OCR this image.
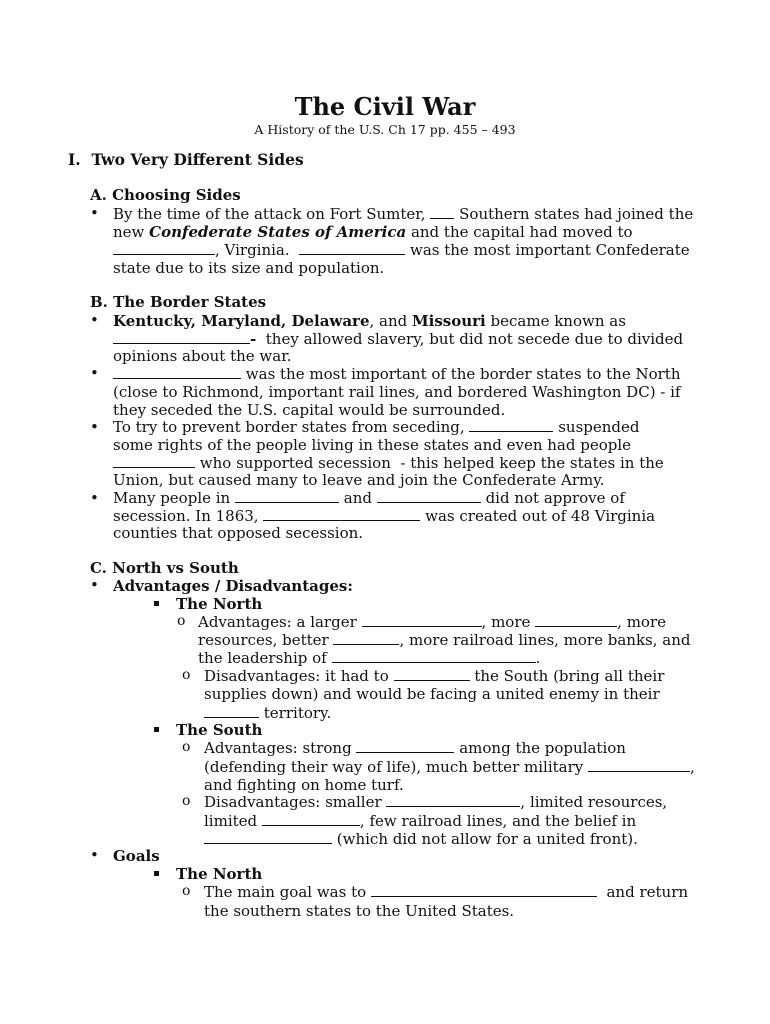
The Civil War
A History of the U.S. Ch 17 pp. 455 – 493
I. Two Very Different Sides
A. Choosing Sides
• By the time of the attack on Fort Sumter, Southern states had joined the
new Confederate States of America and the capital had moved to
, Virginia.	was the most important Confederate
state due to its size and population.
B. The Border States
• Kentucky, Maryland, Delaware, and Missouri became known as
- they allowed slavery, but did not secede due to divided
opinions about the war.
•	was the most important of the border states to the North
(close to Richmond, important rail lines, and bordered Washington DC) - if
they seceded the U.S. capital would be surrounded.
• To try to prevent border states from seceding,	suspended
some rights of the people living in these states and even had people
who supported secession - this helped keep the states in the
Union, but caused many to leave and join the Confederate Army.
• Many people in	and	did not approve of
secession. In 1863,	was created out of 48 Virginia
counties that opposed secession.
C. North vs South
• Advantages / Disadvantages:
The North
o Advantages: a larger	, more	, more
resources, better	, more railroad lines, more banks, and
the leadership of	.
o Disadvantages: it had to	the South (bring all their
supplies down) and would be facing a united enemy in their
territory.
The South
o Advantages: strong	among the population
(defending their way of life), much better military	,
and fighting on home turf.
o Disadvantages: smaller	, limited resources,
limited	, few railroad lines, and the belief in
(which did not allow for a united front).
• Goals
The North
o The main goal was to	and return
the southern states to the United States.
